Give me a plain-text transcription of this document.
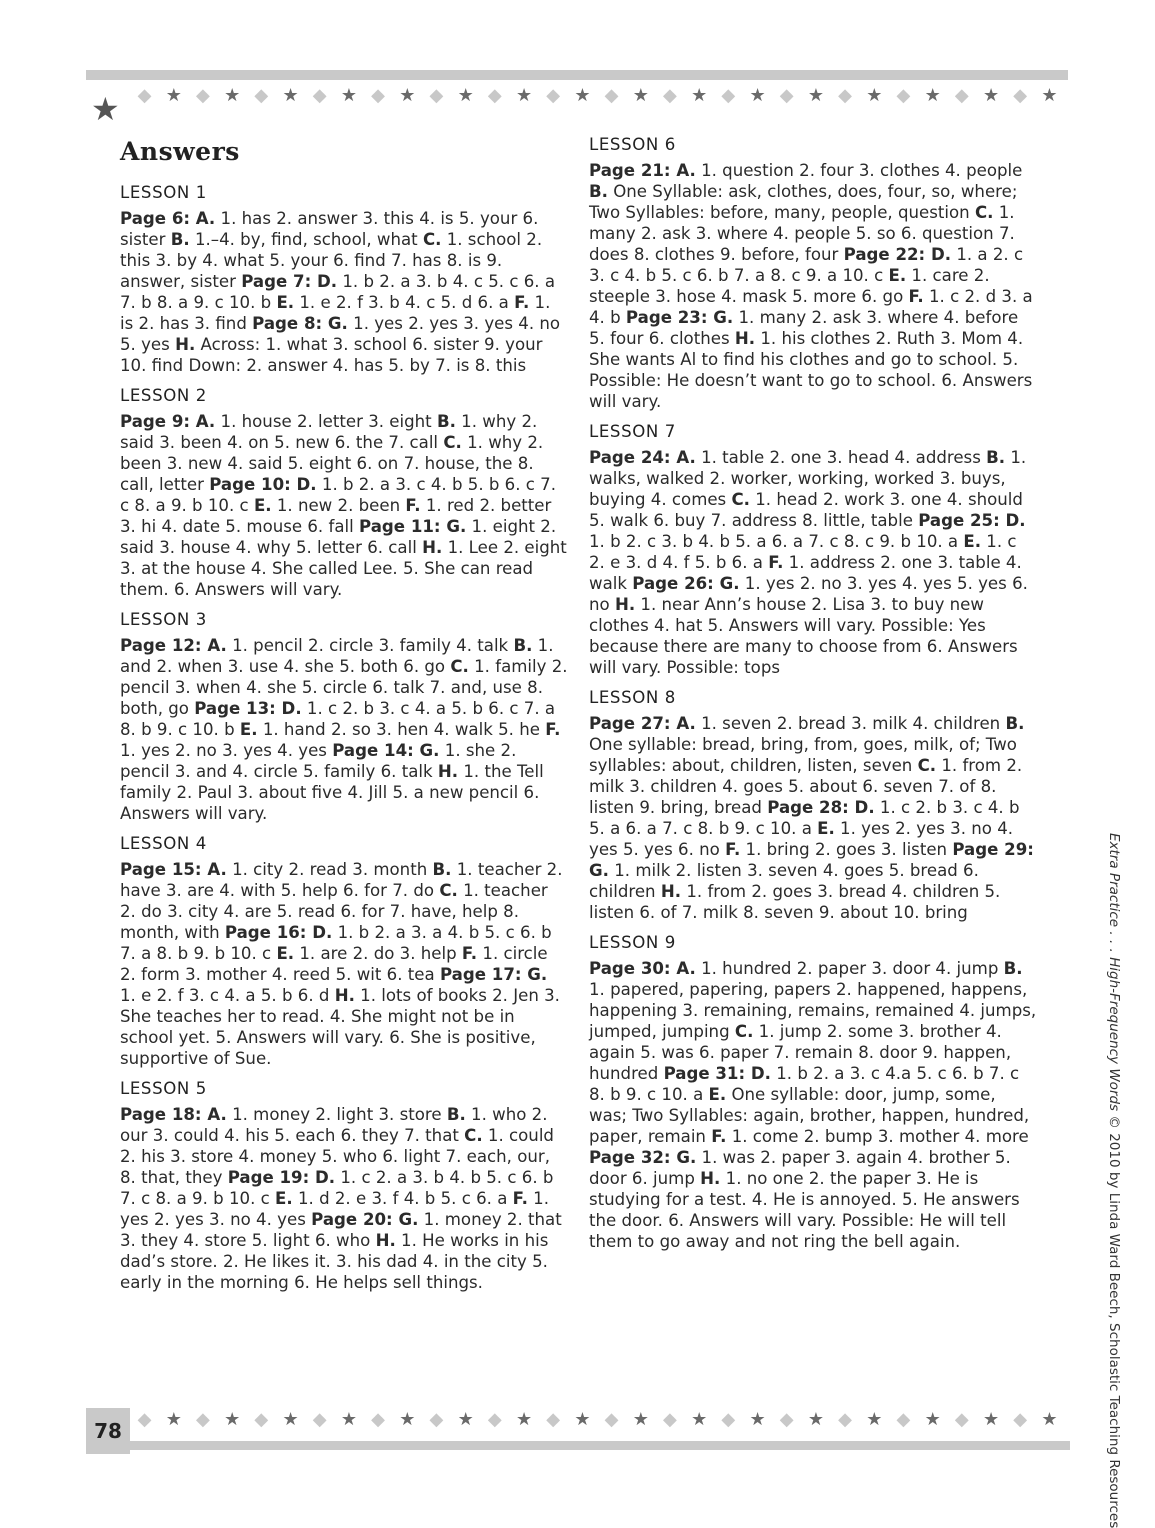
◆ ★ ◆ ★ ◆ ★ ◆ ★ ◆ ★ ◆ ★ ◆ ★ ◆ ★ ◆ ★ ◆ ★ ◆ ★ ◆ ★ ◆ ★ ◆ ★ ◆ ★ ◆ ★
★
Answers
LESSON 1

Page 6: A. 1. has 2. answer 3. this 4. is 5. your 6. sister B. 1.–4. by, find, school, what C. 1. school 2. this 3. by 4. what 5. your 6. find 7. has 8. is 9. answer, sister Page 7: D. 1. b 2. a 3. b 4. c 5. c 6. a 7. b 8. a 9. c 10. b E. 1. e 2. f 3. b 4. c 5. d 6. a F. 1. is 2. has 3. find Page 8: G. 1. yes 2. yes 3. yes 4. no 5. yes H. Across: 1. what 3. school 6. sister 9. your 10. find Down: 2. answer 4. has 5. by 7. is 8. this

LESSON 2

Page 9: A. 1. house 2. letter 3. eight B. 1. why 2. said 3. been 4. on 5. new 6. the 7. call C. 1. why 2. been 3. new 4. said 5. eight 6. on 7. house, the 8. call, letter Page 10: D. 1. b 2. a 3. c 4. b 5. b 6. c 7. c 8. a 9. b 10. c E. 1. new 2. been F. 1. red 2. better 3. hi 4. date 5. mouse 6. fall Page 11: G. 1. eight 2. said 3. house 4. why 5. letter 6. call H. 1. Lee 2. eight 3. at the house 4. She called Lee. 5. She can read them. 6. Answers will vary.

LESSON 3

Page 12: A. 1. pencil 2. circle 3. family 4. talk B. 1. and 2. when 3. use 4. she 5. both 6. go C. 1. family 2. pencil 3. when 4. she 5. circle 6. talk 7. and, use 8. both, go Page 13: D. 1. c 2. b 3. c 4. a 5. b 6. c 7. a 8. b 9. c 10. b E. 1. hand 2. so 3. hen 4. walk 5. he F. 1. yes 2. no 3. yes 4. yes Page 14: G. 1. she 2. pencil 3. and 4. circle 5. family 6. talk H. 1. the Tell family 2. Paul 3. about five 4. Jill 5. a new pencil 6. Answers will vary.

LESSON 4

Page 15: A. 1. city 2. read 3. month B. 1. teacher 2. have 3. are 4. with 5. help 6. for 7. do C. 1. teacher 2. do 3. city 4. are 5. read 6. for 7. have, help 8. month, with Page 16: D. 1. b 2. a 3. a 4. b 5. c 6. b 7. a 8. b 9. b 10. c E. 1. are 2. do 3. help F. 1. circle 2. form 3. mother 4. reed 5. wit 6. tea Page 17: G. 1. e 2. f 3. c 4. a 5. b 6. d H. 1. lots of books 2. Jen 3. She teaches her to read. 4. She might not be in school yet. 5. Answers will vary. 6. She is positive, supportive of Sue.

LESSON 5

Page 18: A. 1. money 2. light 3. store B. 1. who 2. our 3. could 4. his 5. each 6. they 7. that C. 1. could 2. his 3. store 4. money 5. who 6. light 7. each, our, 8. that, they Page 19: D. 1. c 2. a 3. b 4. b 5. c 6. b 7. c 8. a 9. b 10. c E. 1. d 2. e 3. f 4. b 5. c 6. a F. 1. yes 2. yes 3. no 4. yes Page 20: G. 1. money 2. that 3. they 4. store 5. light 6. who H. 1. He works in his dad’s store. 2. He likes it. 3. his dad 4. in the city 5. early in the morning 6. He helps sell things.

LESSON 6

Page 21: A. 1. question 2. four 3. clothes 4. people B. One Syllable: ask, clothes, does, four, so, where; Two Syllables: before, many, people, question C. 1. many 2. ask 3. where 4. people 5. so 6. question 7. does 8. clothes 9. before, four Page 22: D. 1. a 2. c 3. c 4. b 5. c 6. b 7. a 8. c 9. a 10. c E. 1. care 2. steeple 3. hose 4. mask 5. more 6. go F. 1. c 2. d 3. a 4. b Page 23: G. 1. many 2. ask 3. where 4. before 5. four 6. clothes H. 1. his clothes 2. Ruth 3. Mom 4. She wants Al to find his clothes and go to school. 5. Possible: He doesn’t want to go to school. 6. Answers will vary.

LESSON 7

Page 24: A. 1. table 2. one 3. head 4. address B. 1. walks, walked 2. worker, working, worked 3. buys, buying 4. comes C. 1. head 2. work 3. one 4. should 5. walk 6. buy 7. address 8. little, table Page 25: D. 1. b 2. c 3. b 4. b 5. a 6. a 7. c 8. c 9. b 10. a E. 1. c 2. e 3. d 4. f 5. b 6. a F. 1. address 2. one 3. table 4. walk Page 26: G. 1. yes 2. no 3. yes 4. yes 5. yes 6. no H. 1. near Ann’s house 2. Lisa 3. to buy new clothes 4. hat 5. Answers will vary. Possible: Yes because there are many to choose from 6. Answers will vary. Possible: tops

LESSON 8

Page 27: A. 1. seven 2. bread 3. milk 4. children B. One syllable: bread, bring, from, goes, milk, of; Two syllables: about, children, listen, seven C. 1. from 2. milk 3. children 4. goes 5. about 6. seven 7. of 8. listen 9. bring, bread Page 28: D. 1. c 2. b 3. c 4. b 5. a 6. a 7. c 8. b 9. c 10. a E. 1. yes 2. yes 3. no 4. yes 5. yes 6. no F. 1. bring 2. goes 3. listen Page 29: G. 1. milk 2. listen 3. seven 4. goes 5. bread 6. children H. 1. from 2. goes 3. bread 4. children 5. listen 6. of 7. milk 8. seven 9. about 10. bring

LESSON 9

Page 30: A. 1. hundred 2. paper 3. door 4. jump B. 1. papered, papering, papers 2. happened, happens, happening 3. remaining, remains, remained 4. jumps, jumped, jumping C. 1. jump 2. some 3. brother 4. again 5. was 6. paper 7. remain 8. door 9. happen, hundred Page 31: D. 1. b 2. a 3. c 4.a 5. c 6. b 7. c 8. b 9. c 10. a E. One syllable: door, jump, some, was; Two Syllables: again, brother, happen, hundred, paper, remain F. 1. come 2. bump 3. mother 4. more Page 32: G. 1. was 2. paper 3. again 4. brother 5. door 6. jump H. 1. no one 2. the paper 3. He is studying for a test. 4. He is annoyed. 5. He answers the door. 6. Answers will vary. Possible: He will tell them to go away and not ring the bell again.

Extra Practice . . . High-Frequency Words © 2010 by Linda Ward Beech, Scholastic Teaching Resources
◆ ★ ◆ ★ ◆ ★ ◆ ★ ◆ ★ ◆ ★ ◆ ★ ◆ ★ ◆ ★ ◆ ★ ◆ ★ ◆ ★ ◆ ★ ◆ ★ ◆ ★ ◆ ★
78
